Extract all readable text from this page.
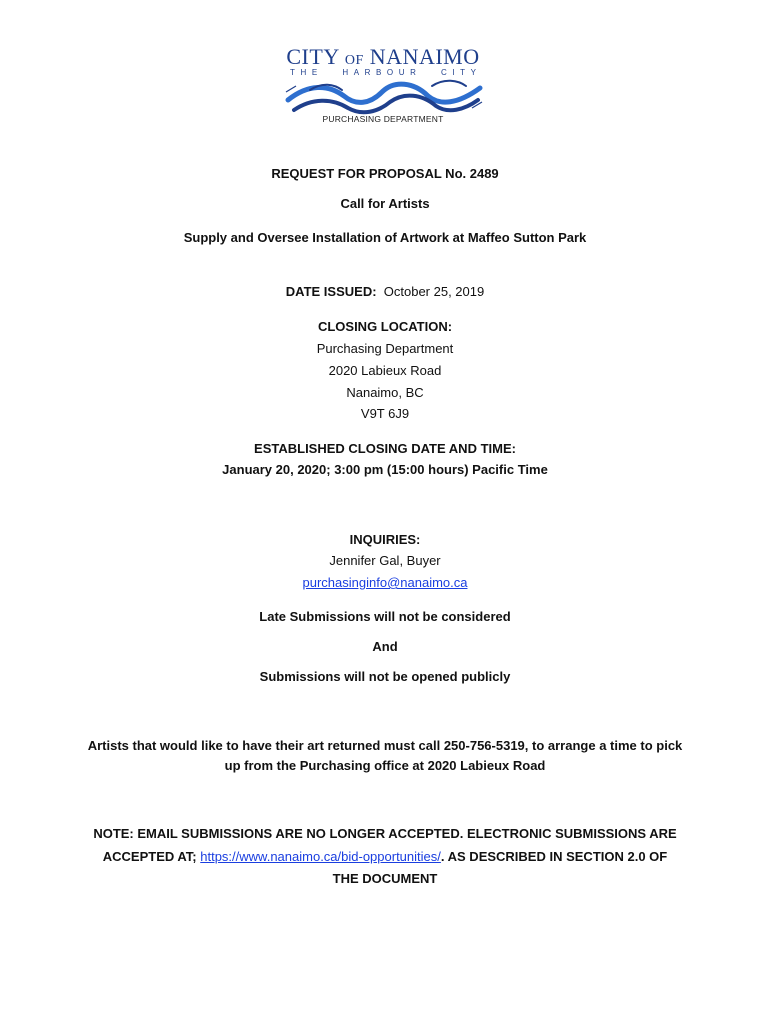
CITY OF NANAIMO
T H E	H A R B O U R	C I T Y
PURCHASING DEPARTMENT
REQUEST FOR PROPOSAL No. 2489
Call for Artists
Supply and Oversee Installation of Artwork at Maffeo Sutton Park
DATE ISSUED: October 25, 2019
CLOSING LOCATION:
Purchasing Department
2020 Labieux Road
Nanaimo, BC
V9T 6J9
ESTABLISHED CLOSING DATE AND TIME:
January 20, 2020; 3:00 pm (15:00 hours) Pacific Time
INQUIRIES:
Jennifer Gal, Buyer
purchasinginfo@nanaimo.ca
Late Submissions will not be considered
And
Submissions will not be opened publicly
Artists that would like to have their art returned must call 250-756-5319, to arrange a time to pick
up from the Purchasing office at 2020 Labieux Road
NOTE: EMAIL SUBMISSIONS ARE NO LONGER ACCEPTED. ELECTRONIC SUBMISSIONS ARE
ACCEPTED AT; https://www.nanaimo.ca/bid-opportunities/. AS DESCRIBED IN SECTION 2.0 OF
THE DOCUMENT
